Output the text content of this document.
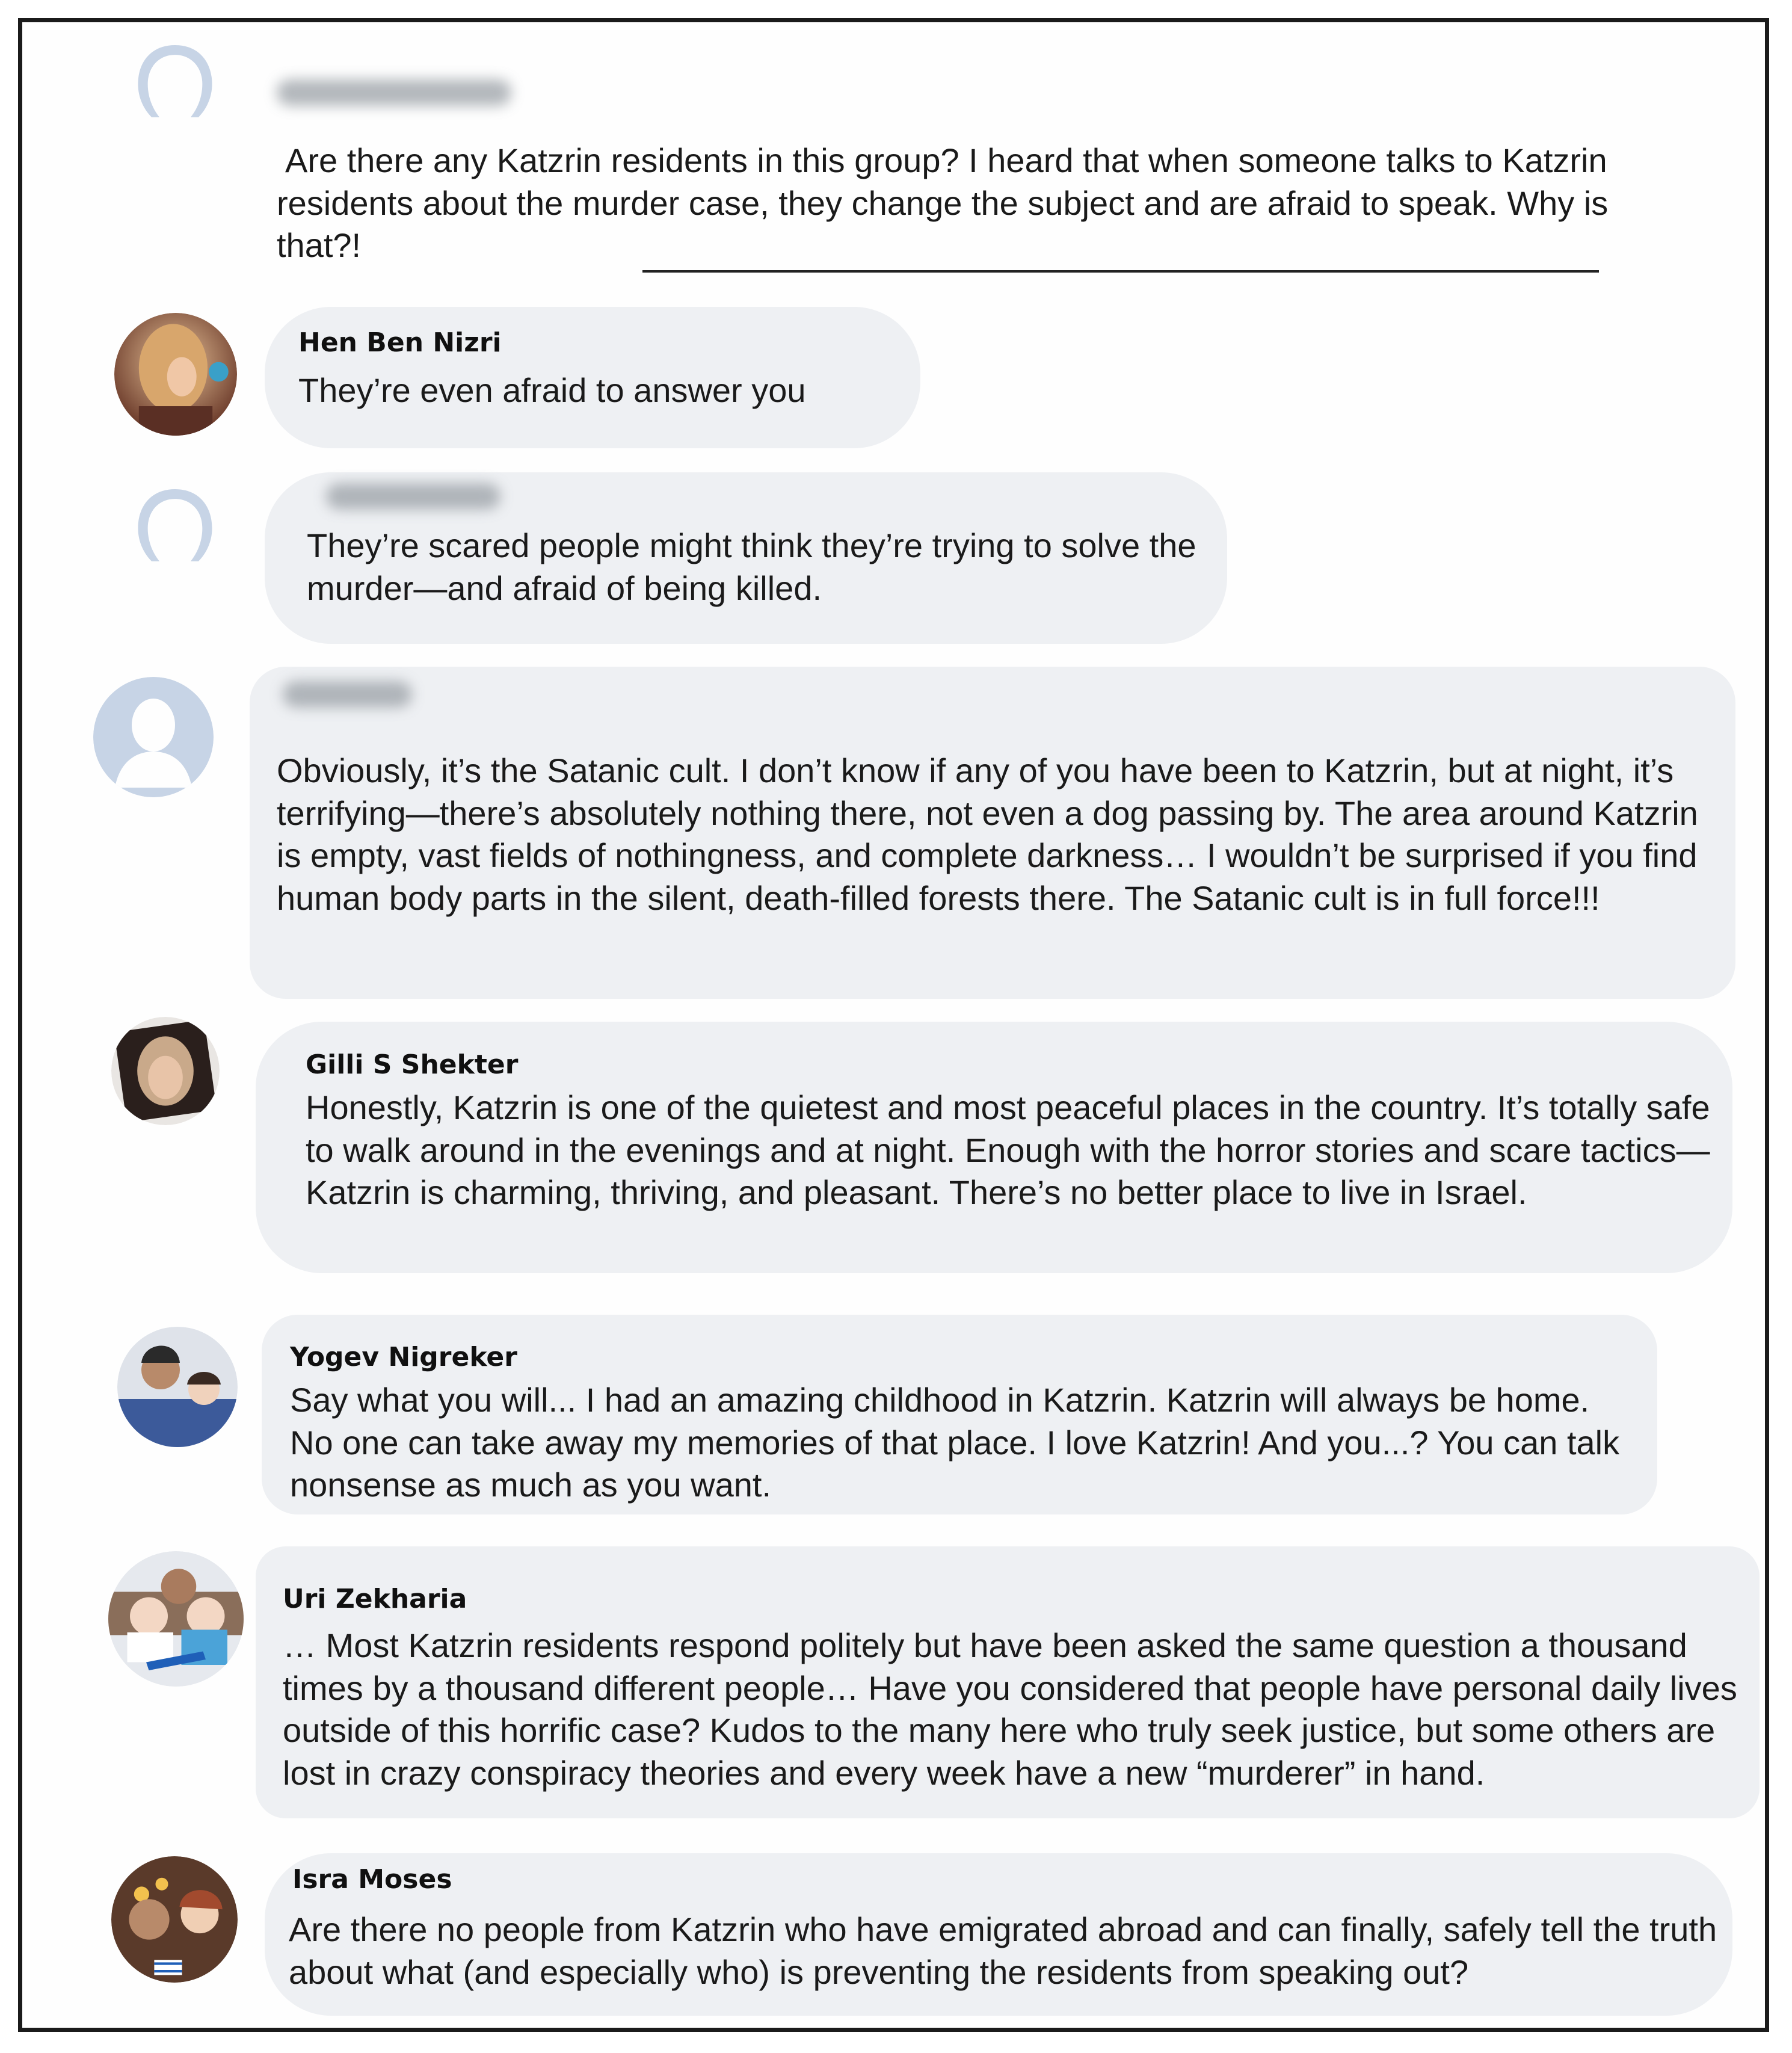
Are there any Katzrin residents in this group? I heard that when someone talks to Katzrin residents about the murder case, they change the subject and are afraid to speak. Why is that?!
Hen Ben Nizri
They’re even afraid to answer you
They’re scared people might think they’re trying to solve the murder—and afraid of being killed.
Obviously, it’s the Satanic cult. I don’t know if any of you have been to Katzrin, but at night, it’s terrifying—there’s absolutely nothing there, not even a dog passing by. The area around Katzrin is empty, vast fields of nothingness, and complete darkness… I wouldn’t be surprised if you find human body parts in the silent, death-filled forests there. The Satanic cult is in full force!!!
Gilli S Shekter
Honestly, Katzrin is one of the quietest and most peaceful places in the country. It’s totally safe to walk around in the evenings and at night. Enough with the horror stories and scare tactics—Katzrin is charming, thriving, and pleasant. There’s no better place to live in Israel.
Yogev Nigreker
Say what you will... I had an amazing childhood in Katzrin. Katzrin will always be home. No one can take away my memories of that place. I love Katzrin! And you...? You can talk nonsense as much as you want.
Uri Zekharia
… Most Katzrin residents respond politely but have been asked the same question a thousand times by a thousand different people… Have you considered that people have personal daily lives outside of this horrific case? Kudos to the many here who truly seek justice, but some others are lost in crazy conspiracy theories and every week have a new “murderer” in hand.
Isra Moses
Are there no people from Katzrin who have emigrated abroad and can finally, safely tell the truth about what (and especially who) is preventing the residents from speaking out?
